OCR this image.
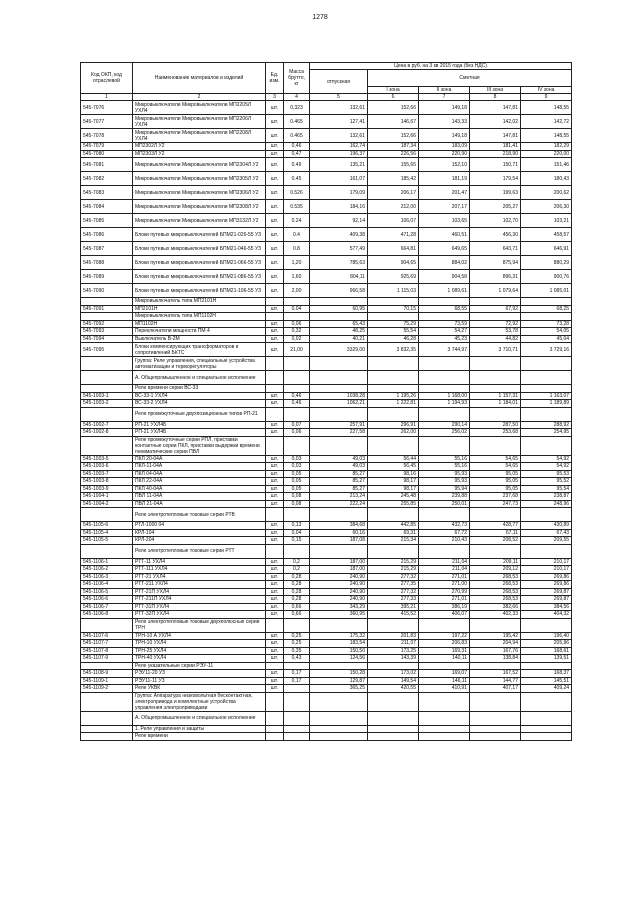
1278
Код ОКП, код отраслевой	Наименование материалов и изделий	Ед. изм.	Масса брутто, кг	Цена в руб. на 3 кв 2015 года (без НДС)				
				отпускная	Сметная			
					I зона	II зона	III зона	IV зона
1	2	3	4	5	6	7	8	9
545-7076	Микровыключатели Микровыключатели МП2205Л УХЛ4	шт.	0.323	132,61	152,66	149,18	147,81	148,55
545-7077	Микровыключатели Микровыключатели МП2206Л УХЛ4	шт.	0.465	127,41	146,67	143,33	142,02	142,72
545-7078	Микровыключатели Микровыключатели МП2208Л УХЛ4	шт.	0.465	132,61	152,66	149,18	147,81	148,55
545-7079	МП2302Л У2	шт.	0,46	162,74	187,34	183,09	181,41	182,29
545-7080	МП2303Л У2	шт.	0,47	196,37	226,56	220,90	218,90	220,00
545-7081	Микровыключатели Микровыключатели МП2304Л У2	шт.	0.49	135,21	155,65	152,10	150,71	151,46
545-7082	Микровыключатели Микровыключатели МП2305Л У2	шт.	0.45	161,07	185,42	181,19	179,54	180,43
545-7083	Микровыключатели Микровыключатели МП2306Л У2	шт.	0.526	179,09	206,17	201,47	199,63	200,62
545-7084	Микровыключатели Микровыключатели МП2308Л У2	шт.	0.535	184,16	212,00	207,17	205,27	206,30
545-7085	Микровыключатели Микровыключатели МП3132Л У2	шт.	0.24	92,14	106,07	103,65	102,70	103,21
545-7086	Блоки путевых микровыключателей БПМ21-026-55 УЗ	шт.	0.4	409,38	471,28	460,51	456,30	458,57
545-7087	Блоки путевых микровыключателей БПМ21-046-55 УЗ	шт.	0.8	577,49	664,81	649,65	643,71	646,91
545-7088	Блоки путевых микровыключателей БПМ21-066-55 УЗ	шт.	1,20	785,63	904,65	884,02	875,94	880,29
545-7089	Блоки путевых микровыключателей БПМ21-086-55 УЗ	шт.	1,60	804,11	925,69	904,58	896,31	900,76
545-7090	Блоки путевых микровыключателей БПМ21-106-55 УЗ	шт.	2,00	966,58	1 115,03	1 089,61	1 079,64	1 085,01
	Микровыключатель типа МП2101Н							
545-7091	МП2101Н	шт.	0.04	60,95	70,15	68,55	67,92	68,25
	Микровыключатель типа МП1102Н							
545-7092	МП1102Н	шт.	0,06	65,43	75,29	73,59	72,92	73,28
545-7093	Переключатели мощности ПМ 4	шт.	0,32	48,25	55,54	54,27	53,78	54,05
545-7094	Выключатель В-2М	шт.	0,02	40,21	46,28	45,23	44,82	45,04
545-7095	Блоки компенсирующих трансформаторов и сопротивлений БКТС	шт.	21,00	3329,00	3 832,35	3 744,97	3 710,71	3 729,16
	Группа: Реле управления, специальные устройства автоматизации и терморегуляторы							
	А. Общепромышленное и специальное исполнение							
	Реле времени серии ВС-33							
545-1003-1	ВС-33-1 УХЛ4	шт.	0,46	1038,28	1 195,26	1 168,00	1 157,31	1 163,07
545-1003-2	ВС-33-2 УХЛ4	шт.	0,46	1062,21	1 222,81	1 194,93	1 184,01	1 189,89
	Реле промежуточные двухпозиционные типов РП-21							
545-1002-7	РП-21 УХЛ4Б	шт.	0,07	257,91	296,91	290,14	287,50	288,92
545-1002-8	РП-21 УХЛ4Б	шт.	0,06	227,58	262,00	256,02	253,68	254,95
	Реле промежуточные серии РПЛ, приставки контактные серии ПКЛ, приставки выдержки времени пневматические серии ПВЛ							
545-1003-5	ПКЛ 20-04А	шт.	0,03	49,03	56,44	55,16	54,65	54,92
545-1003-6	ПКЛ-11-04А	шт.	0,03	49,03	56,45	55,16	54,65	54,92
545-1003-7	ПКЛ 04-04А	шт.	0,05	85,27	98,16	95,93	95,05	95,53
545-1003-8	ПКЛ 22-04А	шт.	0,05	85,27	98,17	95,93	95,05	95,52
545-1003-9	ПКЛ 40-04А	шт.	0,05	85,27	98,17	95,94	95,05	95,54
545-1004-1	ПВЛ 11-04А	шт.	0,08	213,24	245,48	239,88	237,68	238,87
545-1004-2	ПВЛ 21-04А	шт.	0,08	222,24	255,85	250,01	247,73	248,96
	Реле электротепловые токовые серии РТВ							
545-1105-6	РТЛ-1000 04	шт.	0,13	384,68	442,85	432,73	428,77	430,89
545-1105-4	КРЛ-104	шт.	0,04	60,16	69,31	67,72	67,11	67,43
545-1105-5	КРЛ-204	шт.	0,15	187,08	215,34	210,43	208,52	209,55
	Реле электротепловые токовые серии РТТ							
545-1106-1	РТТ-11 УХЛ4	шт.	0,2	187,00	215,29	211,04	209,11	210,17
545-1106-2	РТТ-111 УХЛ4	шт.	0,2	187,00	215,29	211,04	209,12	210,17
545-1106-3	РТТ-21 УХЛ4	шт.	0,28	240,90	277,32	271,01	268,53	269,86
545-1106-4	РТТ-211 УХЛ4	шт.	0,28	240,90	277,35	271,00	268,53	269,86
545-1106-5	РТТ-21П УХЛ4	шт.	0,28	240,90	277,32	270,99	268,53	269,87
545-1106-6	РТТ-211П УХЛ4	шт.	0,28	240,90	277,33	271,01	268,53	269,87
545-1106-7	РТТ-31П УХЛ4	шт.	0,66	343,29	395,21	386,19	382,66	384,56
545-1106-8	РТТ-32П УХЛ4	шт.	0,66	360,95	415,52	406,07	402,33	404,32
	Реле электротепловые токовые двухполюсные серии ТРН							
545-1107-6	ТРН-10 А УХЛ4	шт.	0,25	175,32	201,83	197,22	195,42	196,40
545-1107-7	ТРН-10 УХЛ4	шт.	0,25	183,54	211,07	206,83	204,94	205,96
545-1107-8	ТРН-25 УХЛ4	шт.	0,35	150,50	173,25	169,31	167,76	168,61
545-1107-9	ТРН-40 УХЛ4	шт.	0,43	124,56	143,39	140,11	138,84	139,51
	Реле указательные серии РЭУ-11							
545-1108-9	РЭУ11-20 УЗ	шт.	0,17	150,28	173,02	169,07	167,52	168,37
545-1109-1	РЭУ11-11 УЗ	шт.	0,17	129,87	149,54	146,11	144,77	145,51
545-1109-2	Реле УКВК	шт.		365,25	420,55	410,91	407,17	409,24
	Группа: Аппаратура низковольтная бесконтактная, электропривода и комплектные устройства управления электроприводами							
	А. Общепромышленное и специальное исполнение							
	1. Реле управления и защиты							
	Реле времени							
